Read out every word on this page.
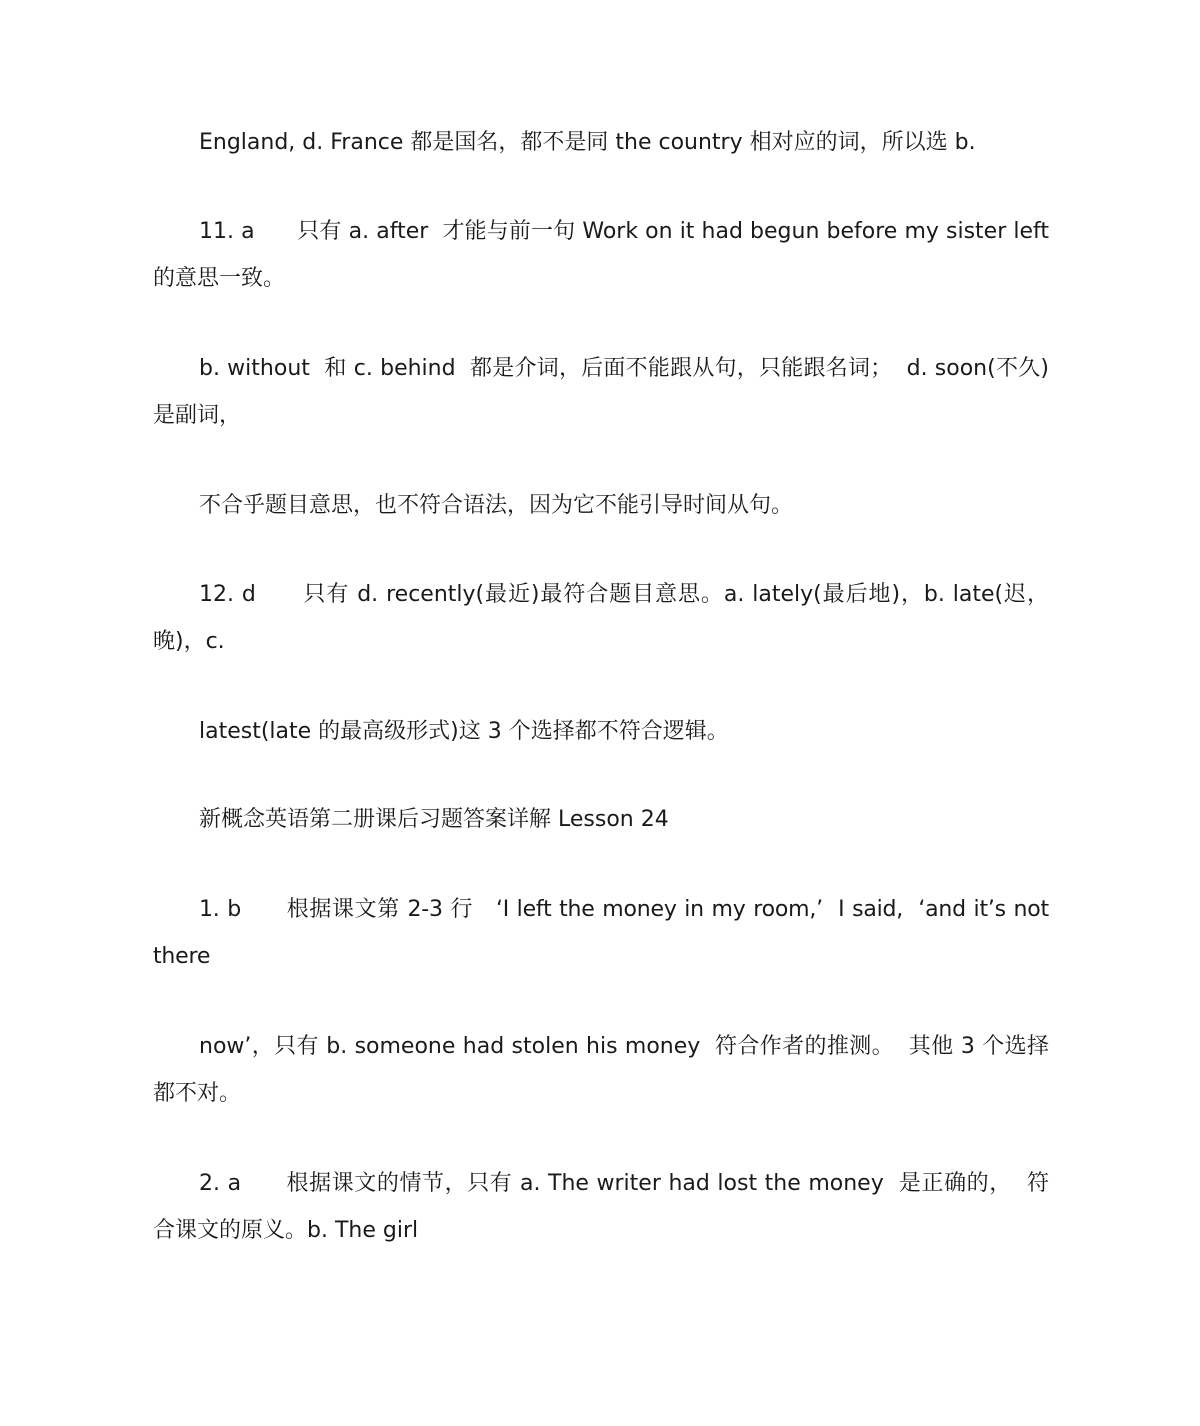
England, d. France 都是国名，都不是同 the country 相对应的词，所以选 b.

11. a      只有 a. after  才能与前一句 Work on it had begun before my sister left 的意思一致。

b. without  和 c. behind  都是介词，后面不能跟从句，只能跟名词；  d. soon(不久) 是副词，

不合乎题目意思，也不符合语法，因为它不能引导时间从句。

12. d      只有 d. recently(最近)最符合题目意思。a. lately(最后地)，b. late(迟，晚)，c.

latest(late 的最高级形式)这 3 个选择都不符合逻辑。

新概念英语第二册课后习题答案详解 Lesson 24

1. b      根据课文第 2-3 行   ‘I left the money in my room,’  I said,  ‘and it’s not there

now’，只有 b. someone had stolen his money  符合作者的推测。  其他 3 个选择都不对。

2. a      根据课文的情节，只有 a. The writer had lost the money  是正确的，  符合课文的原义。b. The girl
